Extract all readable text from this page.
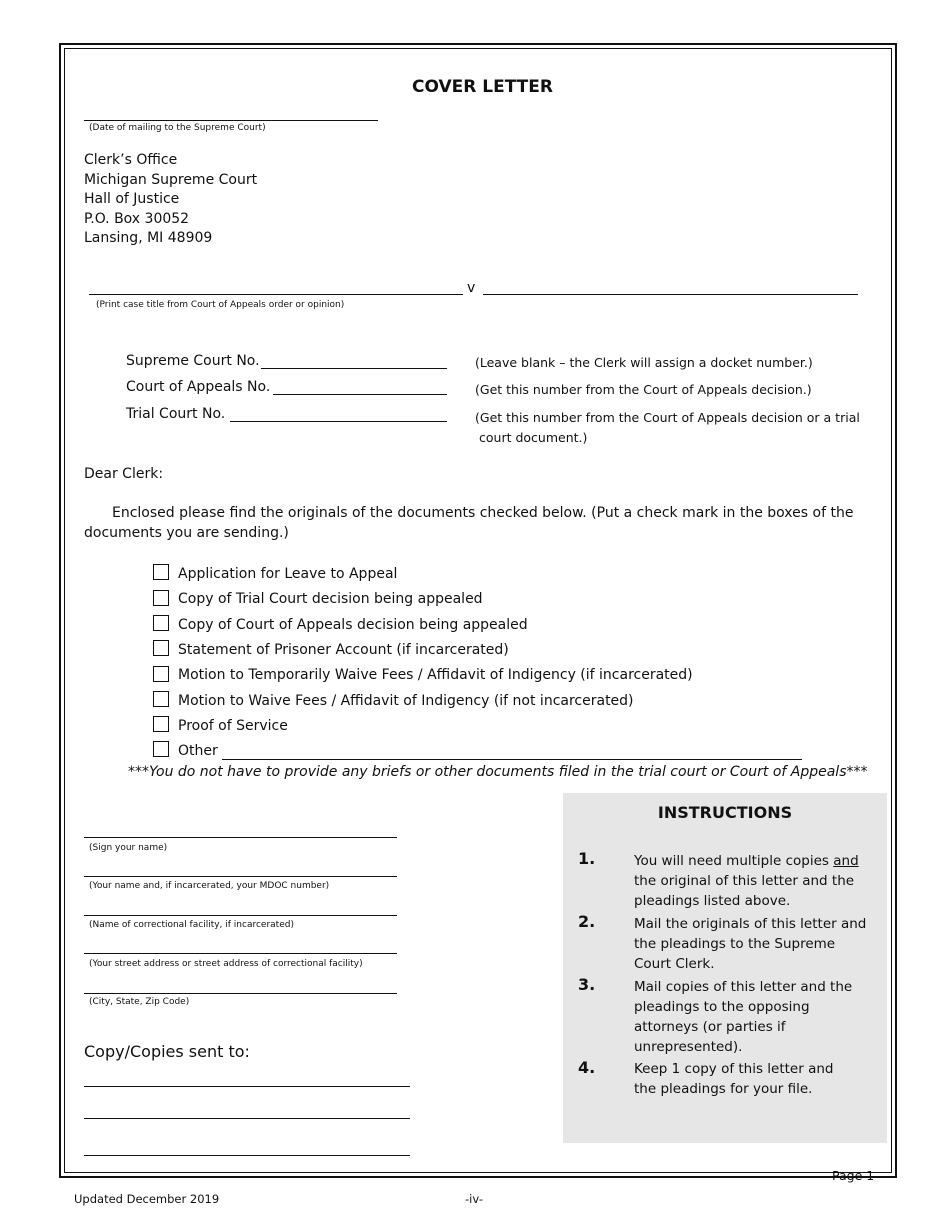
COVER LETTER
(Date of mailing to the Supreme Court)
Clerk’s Office
Michigan Supreme Court
Hall of Justice
P.O. Box 30052
Lansing, MI 48909
v
(Print case title from Court of Appeals order or opinion)
Supreme Court No.	(Leave blank – the Clerk will assign a docket number.)
Court of Appeals No.	(Get this number from the Court of Appeals decision.)
Trial Court No.	(Get this number from the Court of Appeals decision or a trial
court document.)
Dear Clerk:
Enclosed please find the originals of the documents checked below. (Put a check mark in the boxes of the
documents you are sending.)
Application for Leave to Appeal
Copy of Trial Court decision being appealed
Copy of Court of Appeals decision being appealed
Statement of Prisoner Account (if incarcerated)
Motion to Temporarily Waive Fees / Affidavit of Indigency (if incarcerated)
Motion to Waive Fees / Affidavit of Indigency (if not incarcerated)
Proof of Service
Other
***You do not have to provide any briefs or other documents filed in the trial court or Court of Appeals***
(Sign your name)
(Your name and, if incarcerated, your MDOC number)
(Name of correctional facility, if incarcerated)
(Your street address or street address of correctional facility)
(City, State, Zip Code)
Copy/Copies sent to:
INSTRUCTIONS
1.	You will need multiple copies and the original of this letter and the pleadings listed above.
2.	Mail the originals of this letter and the pleadings to the Supreme Court Clerk.
3.	Mail copies of this letter and the pleadings to the opposing attorneys (or parties if unrepresented).
4.	Keep 1 copy of this letter and the pleadings for your file.
Page 1
Updated December 2019	-iv-
